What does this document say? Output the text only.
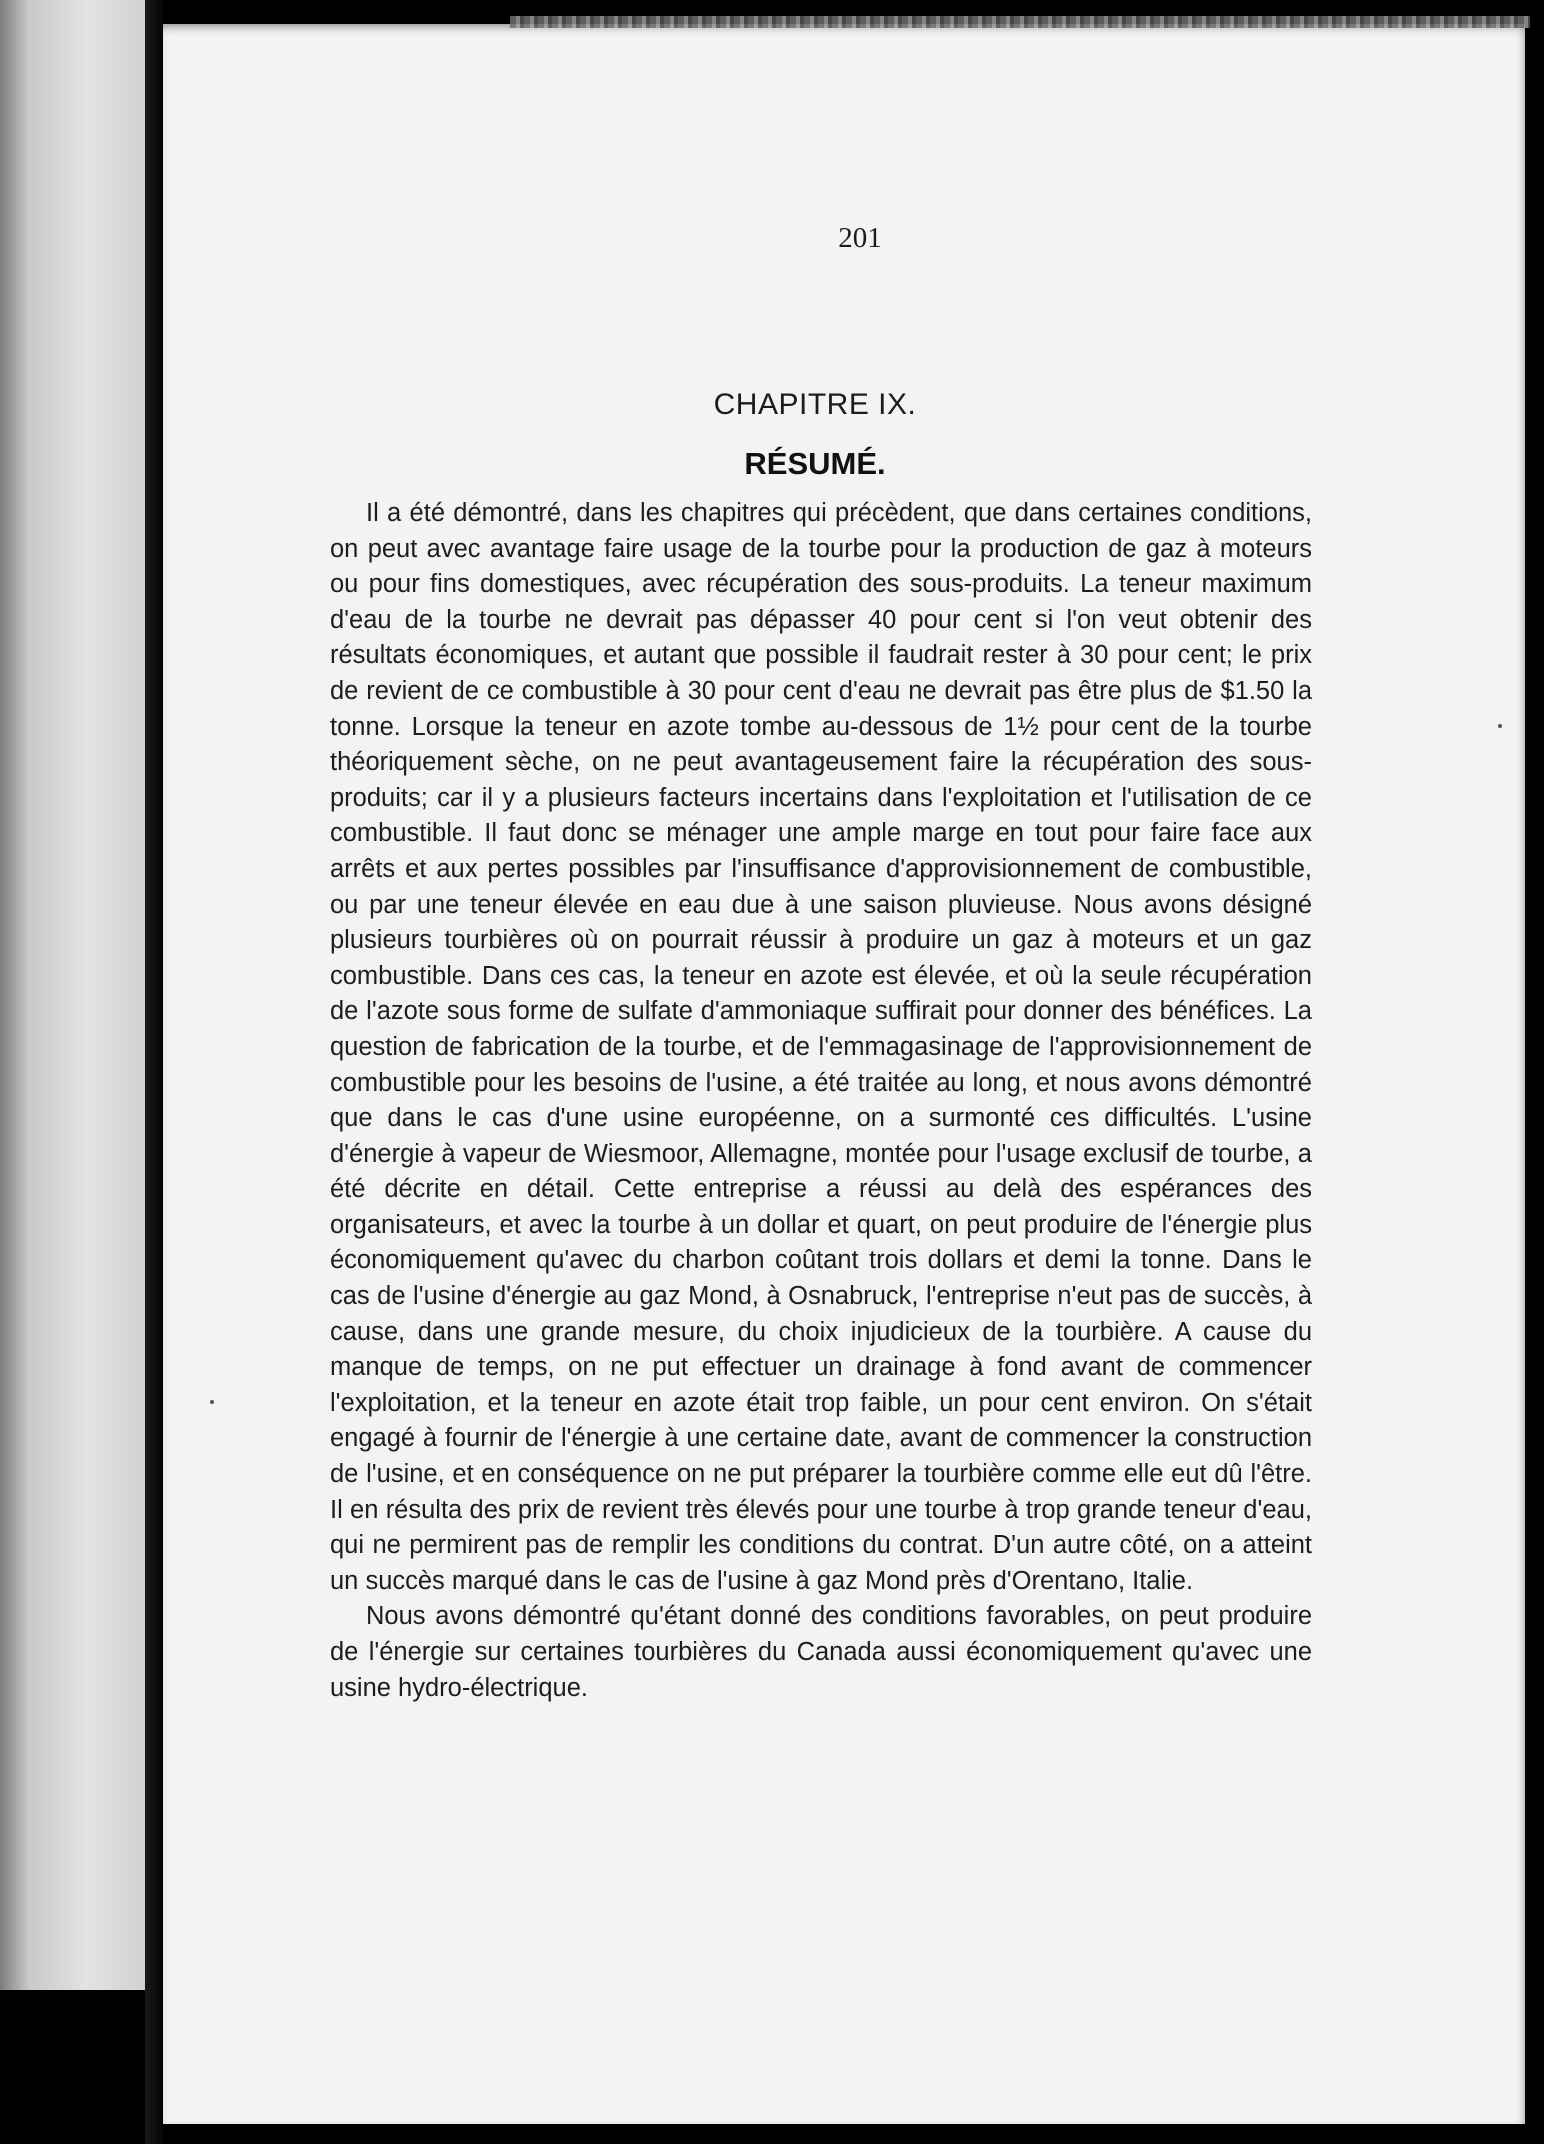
201
CHAPITRE IX.
RÉSUMÉ.

Il a été démontré, dans les chapitres qui précèdent, que dans certaines conditions, on peut avec avantage faire usage de la tourbe pour la production de gaz à moteurs ou pour fins domestiques, avec récupération des sous-produits. La teneur maximum d'eau de la tourbe ne devrait pas dépasser 40 pour cent si l'on veut obtenir des résultats économiques, et autant que possible il faudrait rester à 30 pour cent; le prix de revient de ce combustible à 30 pour cent d'eau ne devrait pas être plus de $1.50 la tonne. Lorsque la teneur en azote tombe au-dessous de 1½ pour cent de la tourbe théoriquement sèche, on ne peut avantageusement faire la récupération des sous-produits; car il y a plusieurs facteurs incertains dans l'exploitation et l'utilisation de ce combustible. Il faut donc se ménager une ample marge en tout pour faire face aux arrêts et aux pertes possibles par l'insuffisance d'approvisionnement de combustible, ou par une teneur élevée en eau due à une saison pluvieuse. Nous avons désigné plusieurs tourbières où on pourrait réussir à produire un gaz à moteurs et un gaz combustible. Dans ces cas, la teneur en azote est élevée, et où la seule récupération de l'azote sous forme de sulfate d'ammoniaque suffirait pour donner des bénéfices. La question de fabrication de la tourbe, et de l'emmagasinage de l'approvisionnement de combustible pour les besoins de l'usine, a été traitée au long, et nous avons démontré que dans le cas d'une usine européenne, on a surmonté ces difficultés. L'usine d'énergie à vapeur de Wiesmoor, Allemagne, montée pour l'usage exclusif de tourbe, a été décrite en détail. Cette entreprise a réussi au delà des espérances des organisateurs, et avec la tourbe à un dollar et quart, on peut produire de l'énergie plus économiquement qu'avec du charbon coûtant trois dollars et demi la tonne. Dans le cas de l'usine d'énergie au gaz Mond, à Osnabruck, l'entreprise n'eut pas de succès, à cause, dans une grande mesure, du choix injudicieux de la tourbière. A cause du manque de temps, on ne put effectuer un drainage à fond avant de commencer l'exploitation, et la teneur en azote était trop faible, un pour cent environ. On s'était engagé à fournir de l'énergie à une certaine date, avant de commencer la construction de l'usine, et en conséquence on ne put préparer la tourbière comme elle eut dû l'être. Il en résulta des prix de revient très élevés pour une tourbe à trop grande teneur d'eau, qui ne permirent pas de remplir les conditions du contrat. D'un autre côté, on a atteint un succès marqué dans le cas de l'usine à gaz Mond près d'Orentano, Italie.

Nous avons démontré qu'étant donné des conditions favorables, on peut produire de l'énergie sur certaines tourbières du Canada aussi économiquement qu'avec une usine hydro-électrique.
